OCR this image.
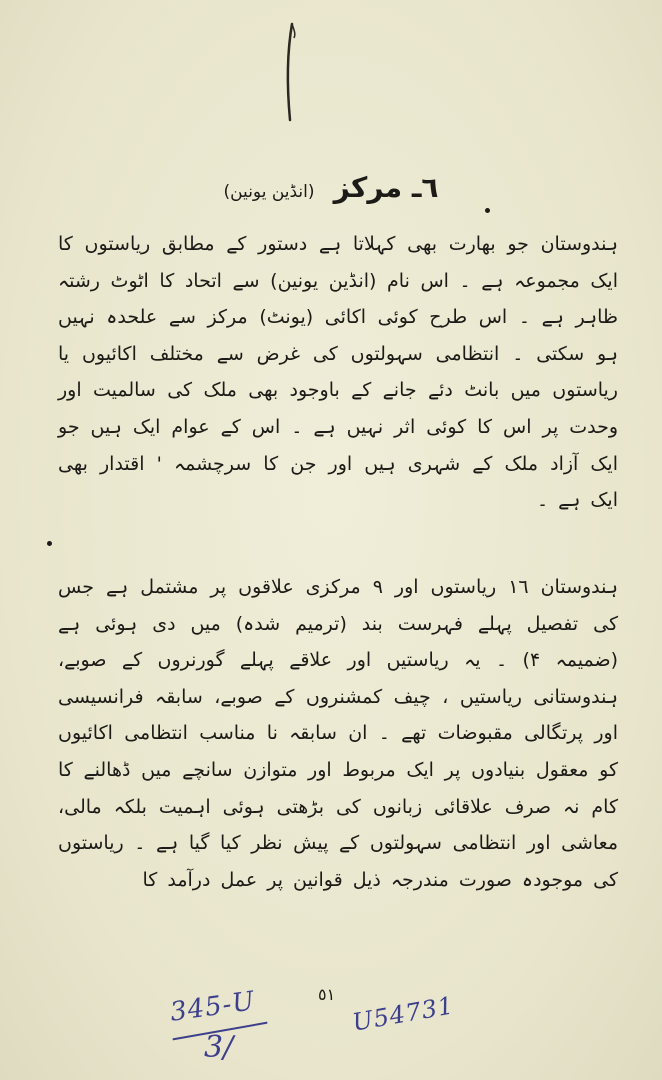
٦ـ مرکز (انڈین یونین)

ہندوستان جو بھارت بھی کہلاتا ہے دستور کے مطابق ریاستوں کا ایک مجموعہ ہے ۔ اس نام (انڈین یونین) سے اتحاد کا اٹوٹ رشتہ ظاہر ہے ۔ اس طرح کوئی اکائی (یونٹ) مرکز سے علحدہ نہیں ہو سکتی ۔ انتظامی سہولتوں کی غرض سے مختلف اکائیوں یا ریاستوں میں بانٹ دئے جانے کے باوجود بھی ملک کی سالمیت اور وحدت پر اس کا کوئی اثر نہیں ہے ۔ اس کے عوام ایک ہیں جو ایک آزاد ملک کے شہری ہیں اور جن کا سرچشمہ ' اقتدار بھی ایک ہے ۔

ہندوستان ۱٦ ریاستوں اور ۹ مرکزی علاقوں پر مشتمل ہے جس کی تفصیل پہلے فہرست بند (ترمیم شدہ) میں دی ہوئی ہے (ضمیمہ ۴) ۔ یہ ریاستیں اور علاقے پہلے گورنروں کے صوبے، ہندوستانی ریاستیں ، چیف کمشنروں کے صوبے، سابقہ فرانسیسی اور پرتگالی مقبوضات تھے ۔ ان سابقہ نا مناسب انتظامی اکائیوں کو معقول بنیادوں پر ایک مربوط اور متوازن سانچے میں ڈھالنے کا کام نہ صرف علاقائی زبانوں کی بڑھتی ہوئی اہمیت بلکہ مالی، معاشی اور انتظامی سہولتوں کے پیش نظر کیا گیا ہے ۔ ریاستوں کی موجودہ صورت مندرجہ ذیل قوانین پر عمل درآمد کا

٥١
345-U
3/
U54731
